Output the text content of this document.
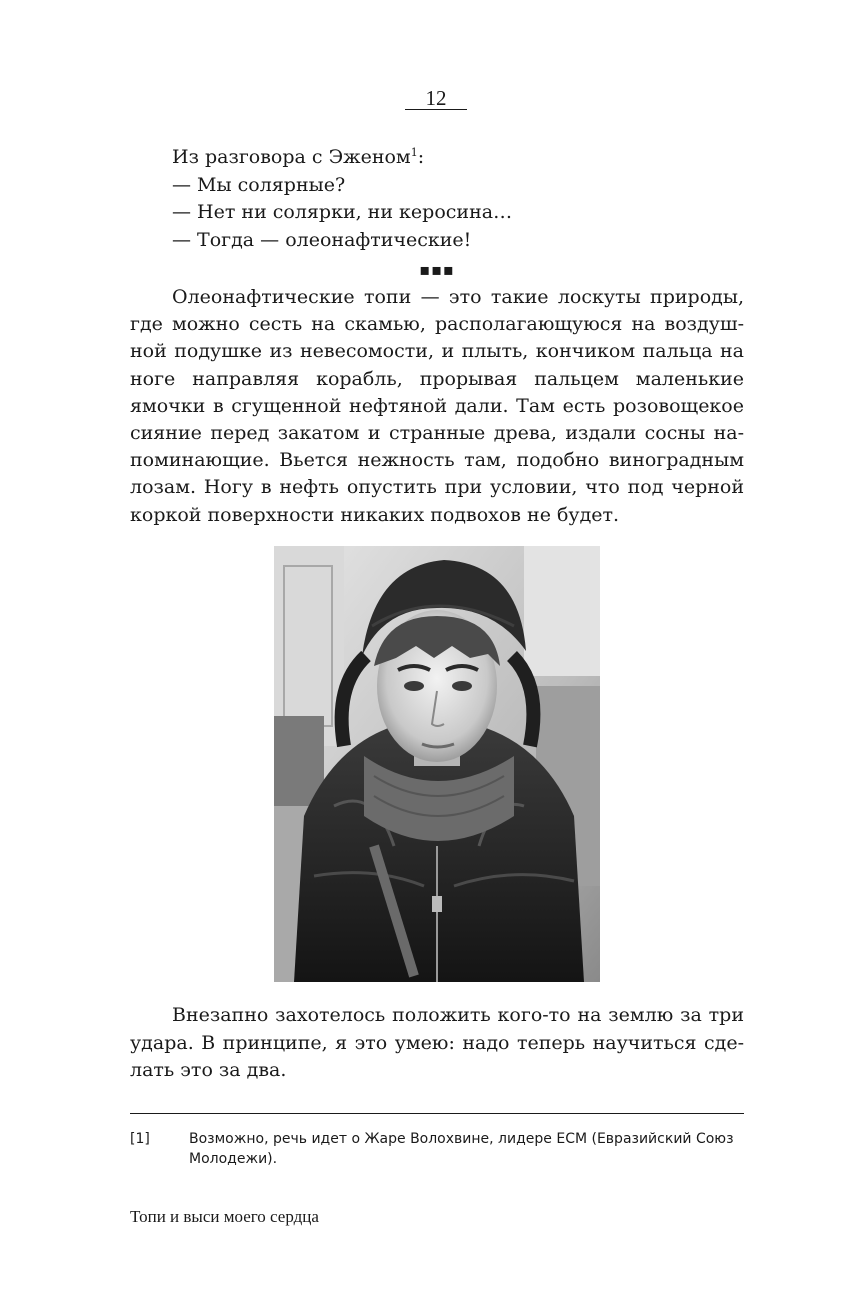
12

Из разговора с Эженом$^1$:

— Мы солярные?

— Нет ни солярки, ни керосина…

— Тогда — олеонафтические!

▪▪▪

Олеонафтические топи — это такие лоскуты природы, где можно сесть на скамью, располагающуюся на воздушной подушке из невесомости, и плыть, кончиком пальца на ноге направляя корабль, прорывая пальцем маленькие ямочки в сгущенной нефтяной дали. Там есть розовощекое сияние перед закатом и странные древа, издали сосны напоминающие. Вьется нежность там, подобно виноградным лозам. Ногу в нефть опустить при условии, что под черной коркой поверхности никаких подвохов не будет.

Внезапно захотелось положить кого-то на землю за три удара. В принципе, я это умею: надо теперь научиться сделать это за два.

[1]	Возможно, речь идет о Жаре Волохвине, лидере ЕСМ (Евразийский Союз Молодежи).
Топи и выси моего сердца
